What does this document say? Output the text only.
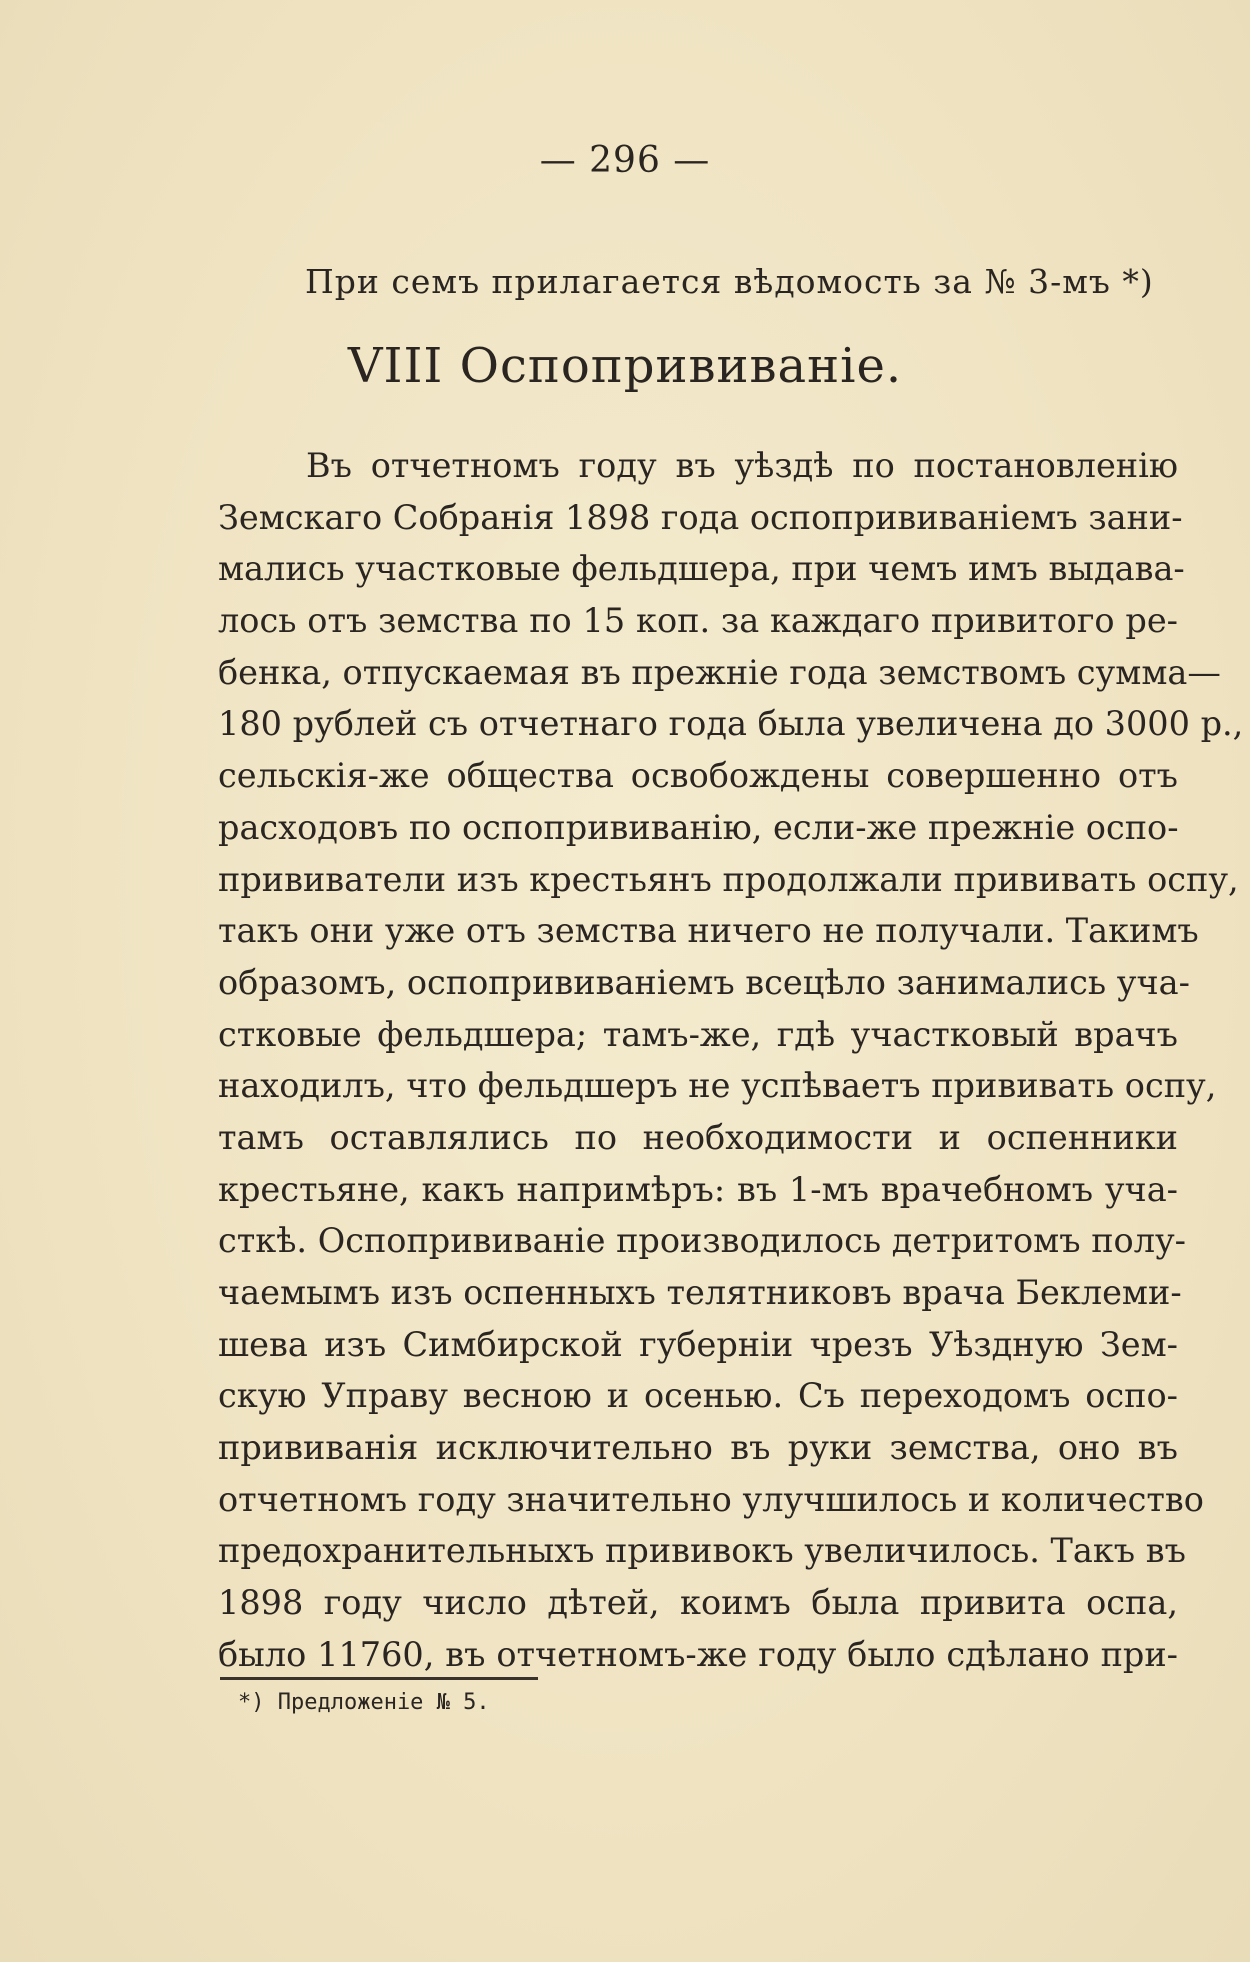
— 296 —
При семъ прилагается вѣдомость за № 3-мъ *)
VIII Оспопрививаніе.
Въ отчетномъ году въ уѣздѣ по постановленію
Земскаго Собранія 1898 года оспопрививаніемъ зани-
мались участковые фельдшера, при чемъ имъ выдава-
лось отъ земства по 15 коп. за каждаго привитого ре-
бенка, отпускаемая въ прежніе года земствомъ сумма—
180 рублей съ отчетнаго года была увеличена до 3000 р.,
сельскія-же общества освобождены совершенно отъ
расходовъ по оспопрививанію, если-же прежніе оспо-
прививатели изъ крестьянъ продолжали прививать оспу,
такъ они уже отъ земства ничего не получали. Такимъ
образомъ, оспопрививаніемъ всецѣло занимались уча-
стковые фельдшера; тамъ-же, гдѣ участковый врачъ
находилъ, что фельдшеръ не успѣваетъ прививать оспу,
тамъ оставлялись по необходимости и оспенники
крестьяне, какъ напримѣръ: въ 1-мъ врачебномъ уча-
сткѣ. Оспопрививаніе производилось детритомъ полу-
чаемымъ изъ оспенныхъ телятниковъ врача Беклеми-
шева изъ Симбирской губерніи чрезъ Уѣздную Зем-
скую Управу весною и осенью. Съ переходомъ оспо-
прививанія исключительно въ руки земства, оно въ
отчетномъ году значительно улучшилось и количество
предохранительныхъ прививокъ увеличилось. Такъ въ
1898 году число дѣтей, коимъ была привита оспа,
было 11760, въ отчетномъ-же году было сдѣлано при-
*) Предложеніе № 5.
